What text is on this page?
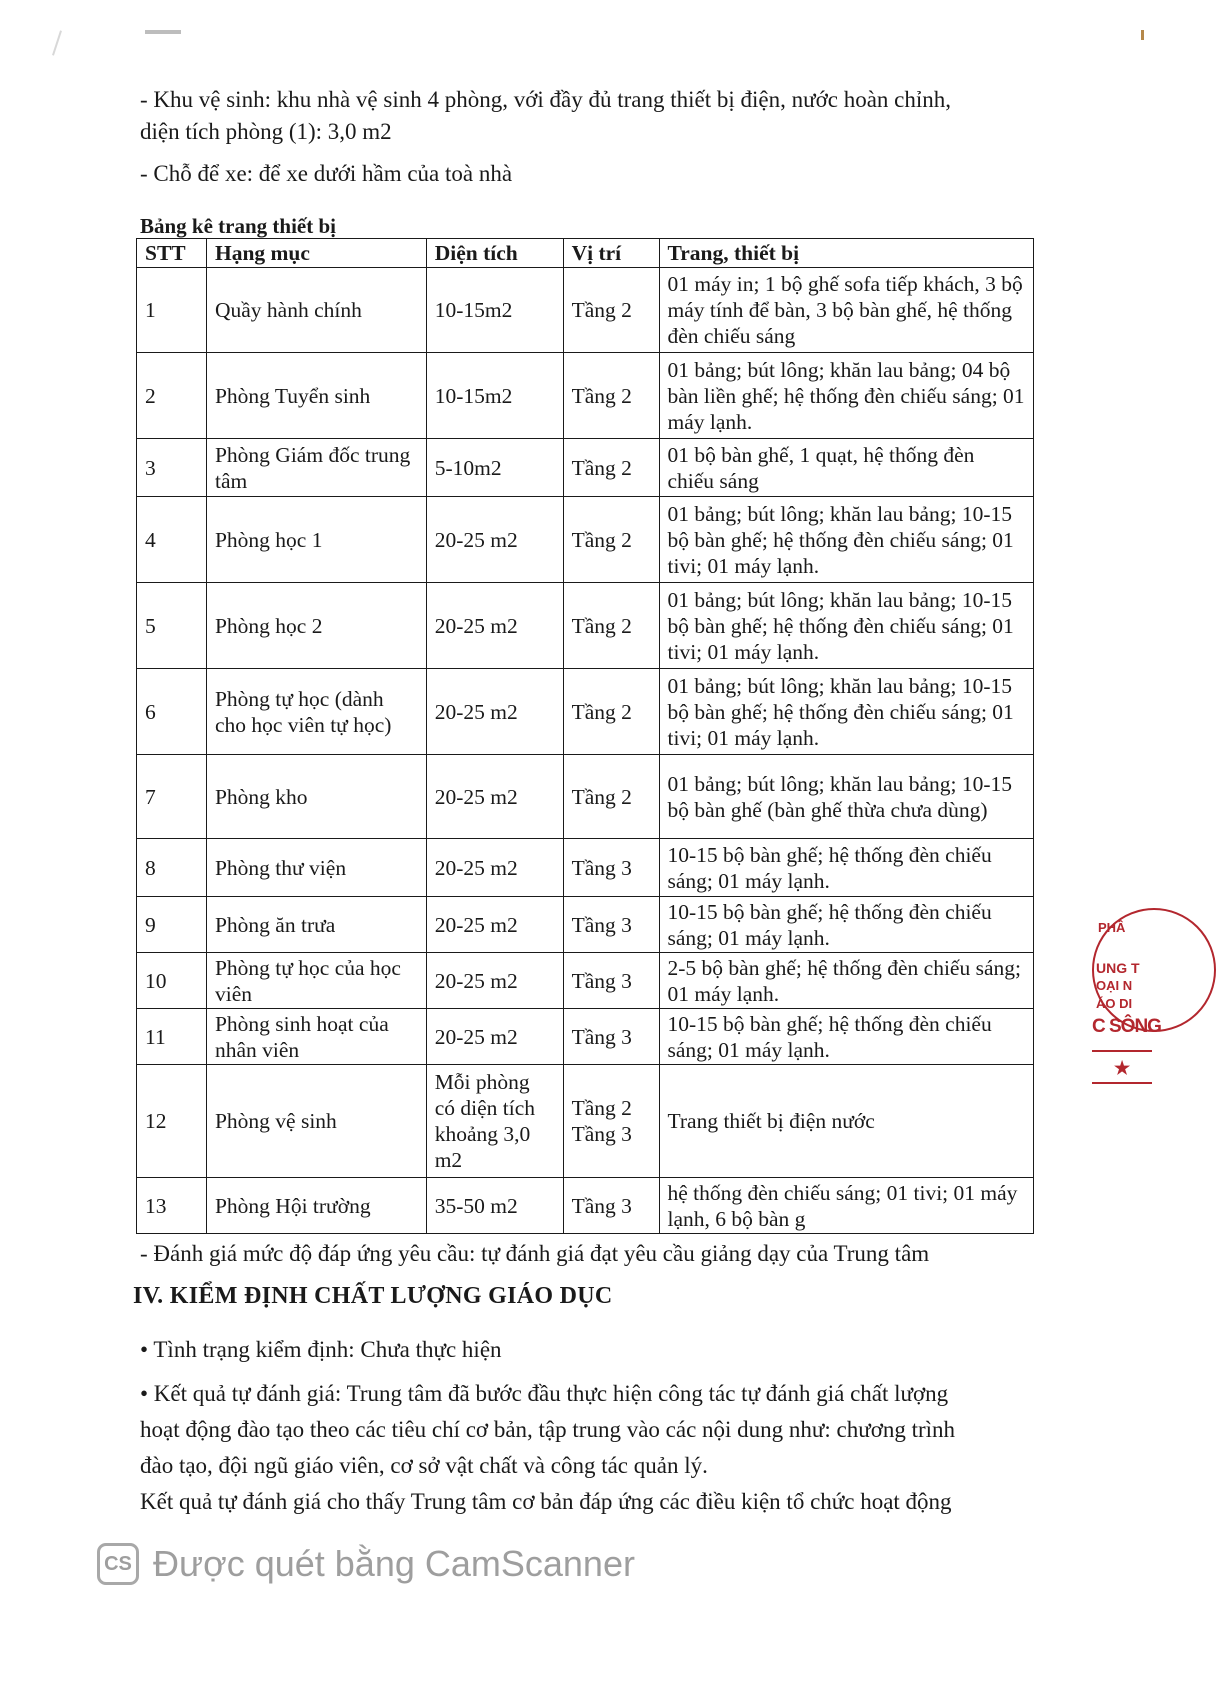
- Khu vệ sinh: khu nhà vệ sinh 4 phòng, với đầy đủ trang thiết bị điện, nước hoàn chỉnh,

diện tích phòng (1): 3,0 m2

- Chỗ để xe: để xe dưới hầm của toà nhà

Bảng kê trang thiết bị

STT	Hạng mục	Diện tích	Vị trí	Trang, thiết bị
1	Quầy hành chính	10-15m2	Tầng 2	01 máy in; 1 bộ ghế sofa tiếp khách, 3 bộ máy tính để bàn, 3 bộ bàn ghế, hệ thống đèn chiếu sáng
2	Phòng Tuyển sinh	10-15m2	Tầng 2	01 bảng; bút lông; khăn lau bảng; 04 bộ bàn liền ghế; hệ thống đèn chiếu sáng; 01 máy lạnh.
3	Phòng Giám đốc trung tâm	5-10m2	Tầng 2	01 bộ bàn ghế, 1 quạt, hệ thống đèn chiếu sáng
4	Phòng học 1	20-25 m2	Tầng 2	01 bảng; bút lông; khăn lau bảng; 10-15 bộ bàn ghế; hệ thống đèn chiếu sáng; 01 tivi; 01 máy lạnh.
5	Phòng học 2	20-25 m2	Tầng 2	01 bảng; bút lông; khăn lau bảng; 10-15 bộ bàn ghế; hệ thống đèn chiếu sáng; 01 tivi; 01 máy lạnh.
6	Phòng tự học (dành cho học viên tự học)	20-25 m2	Tầng 2	01 bảng; bút lông; khăn lau bảng; 10-15 bộ bàn ghế; hệ thống đèn chiếu sáng; 01 tivi; 01 máy lạnh.
7	Phòng kho	20-25 m2	Tầng 2	01 bảng; bút lông; khăn lau bảng; 10-15 bộ bàn ghế (bàn ghế thừa chưa dùng)
8	Phòng thư viện	20-25 m2	Tầng 3	10-15 bộ bàn ghế; hệ thống đèn chiếu sáng; 01 máy lạnh.
9	Phòng ăn trưa	20-25 m2	Tầng 3	10-15 bộ bàn ghế; hệ thống đèn chiếu sáng; 01 máy lạnh.
10	Phòng tự học của học viên	20-25 m2	Tầng 3	2-5 bộ bàn ghế; hệ thống đèn chiếu sáng; 01 máy lạnh.
11	Phòng sinh hoạt của nhân viên	20-25 m2	Tầng 3	10-15 bộ bàn ghế; hệ thống đèn chiếu sáng; 01 máy lạnh.
12	Phòng vệ sinh	Mỗi phòng có diện tích khoảng 3,0 m2	Tầng 2 Tầng 3	Trang thiết bị điện nước
13	Phòng Hội trường	35-50 m2	Tầng 3	hệ thống đèn chiếu sáng; 01 tivi; 01 máy lạnh, 6 bộ bàn g

- Đánh giá mức độ đáp ứng yêu cầu: tự đánh giá đạt yêu cầu giảng dạy của Trung tâm

IV. KIỂM ĐỊNH CHẤT LƯỢNG GIÁO DỤC

• Tình trạng kiểm định: Chưa thực hiện

• Kết quả tự đánh giá: Trung tâm đã bước đầu thực hiện công tác tự đánh giá chất lượng

hoạt động đào tạo theo các tiêu chí cơ bản, tập trung vào các nội dung như: chương trình

đào tạo, đội ngũ giáo viên, cơ sở vật chất và công tác quản lý.

Kết quả tự đánh giá cho thấy Trung tâm cơ bản đáp ứng các điều kiện tổ chức hoạt động

PHÂ
UNG T
OẠI N
ÁO DI
C SÔNG
★
CS Được quét bằng CamScanner
